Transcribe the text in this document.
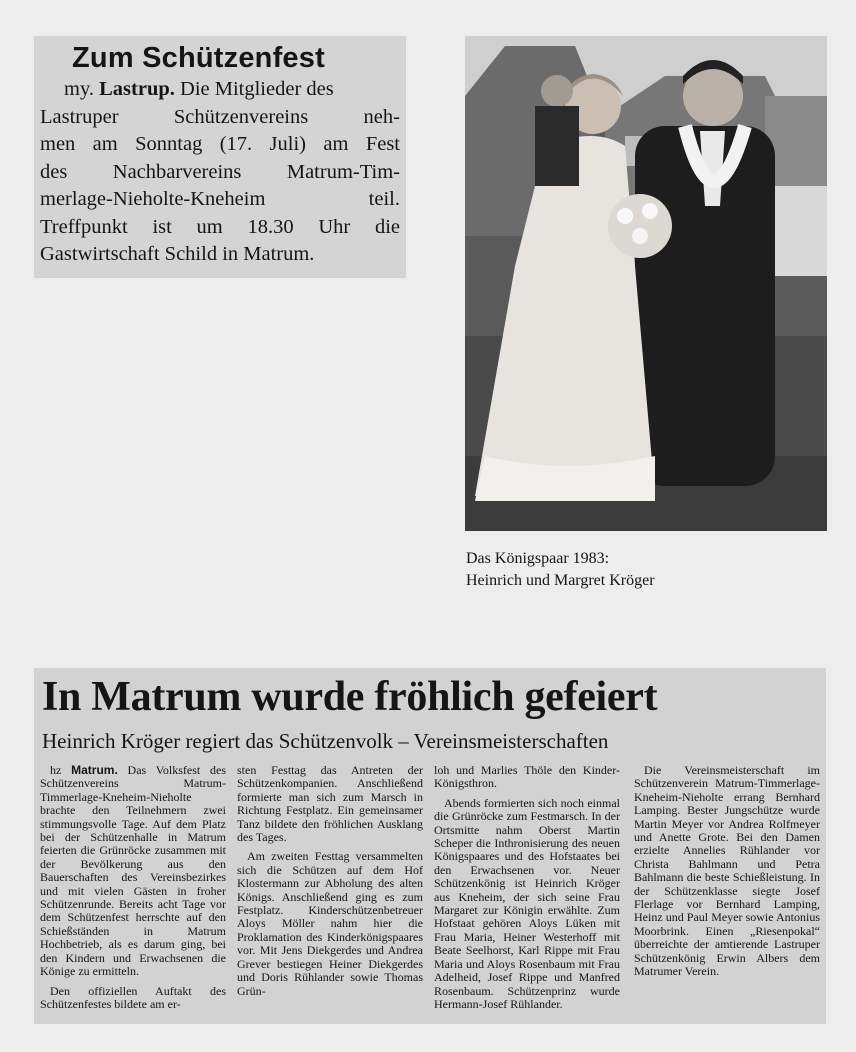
Zum Schützenfest
my. Lastrup. Die Mitglieder des
Lastruper Schützenvereins neh-
men am Sonntag (17. Juli) am Fest
des Nachbarvereins Matrum-Tim-
merlage-Nieholte-Kneheim teil.
Treffpunkt ist um 18.30 Uhr die
Gastwirtschaft Schild in Matrum.
Das Königspaar 1983:
Heinrich und Margret Kröger
In Matrum wurde fröhlich gefeiert
Heinrich Kröger regiert das Schützenvolk – Vereinsmeisterschaften

hz Matrum. Das Volksfest des Schützenvereins Matrum-Timmerlage-Kneheim-Nieholte brachte den Teilnehmern zwei stimmungsvolle Tage. Auf dem Platz bei der Schützenhalle in Matrum feierten die Grünröcke zusammen mit der Bevölkerung aus den Bauerschaften des Vereinsbezirkes und mit vielen Gästen in froher Schützenrunde. Bereits acht Tage vor dem Schützenfest herrschte auf den Schießständen in Matrum Hochbetrieb, als es darum ging, bei den Kindern und Erwachsenen die Könige zu ermitteln.

Den offiziellen Auftakt des Schützenfestes bildete am er-

sten Festtag das Antreten der Schützenkompanien. Anschließend formierte man sich zum Marsch in Richtung Festplatz. Ein gemeinsamer Tanz bildete den fröhlichen Ausklang des Tages.

Am zweiten Festtag versammelten sich die Schützen auf dem Hof Klostermann zur Abholung des alten Königs. Anschließend ging es zum Festplatz. Kinderschützenbetreuer Aloys Möller nahm hier die Proklamation des Kinderkönigspaares vor. Mit Jens Diekgerdes und Andrea Grever bestiegen Heiner Diekgerdes und Doris Rühlander sowie Thomas Grün-

loh und Marlies Thöle den Kinder-Königsthron.

Abends formierten sich noch einmal die Grünröcke zum Festmarsch. In der Ortsmitte nahm Oberst Martin Scheper die Inthronisierung des neuen Königspaares und des Hofstaates bei den Erwachsenen vor. Neuer Schützenkönig ist Heinrich Kröger aus Kneheim, der sich seine Frau Margaret zur Königin erwählte. Zum Hofstaat gehören Aloys Lüken mit Frau Maria, Heiner Westerhoff mit Beate Seelhorst, Karl Rippe mit Frau Maria und Aloys Rosenbaum mit Frau Adelheid, Josef Rippe und Manfred Rosenbaum. Schützenprinz wurde Hermann-Josef Rühlander.

Die Vereinsmeisterschaft im Schützenverein Matrum-Timmerlage-Kneheim-Nieholte errang Bernhard Lamping. Bester Jungschütze wurde Martin Meyer vor Andrea Rolfmeyer und Anette Grote. Bei den Damen erzielte Annelies Rühlander vor Christa Bahlmann und Petra Bahlmann die beste Schießleistung. In der Schützenklasse siegte Josef Flerlage vor Bernhard Lamping, Heinz und Paul Meyer sowie Antonius Moorbrink. Einen „Riesenpokal“ überreichte der amtierende Lastruper Schützenkönig Erwin Albers dem Matrumer Verein.
